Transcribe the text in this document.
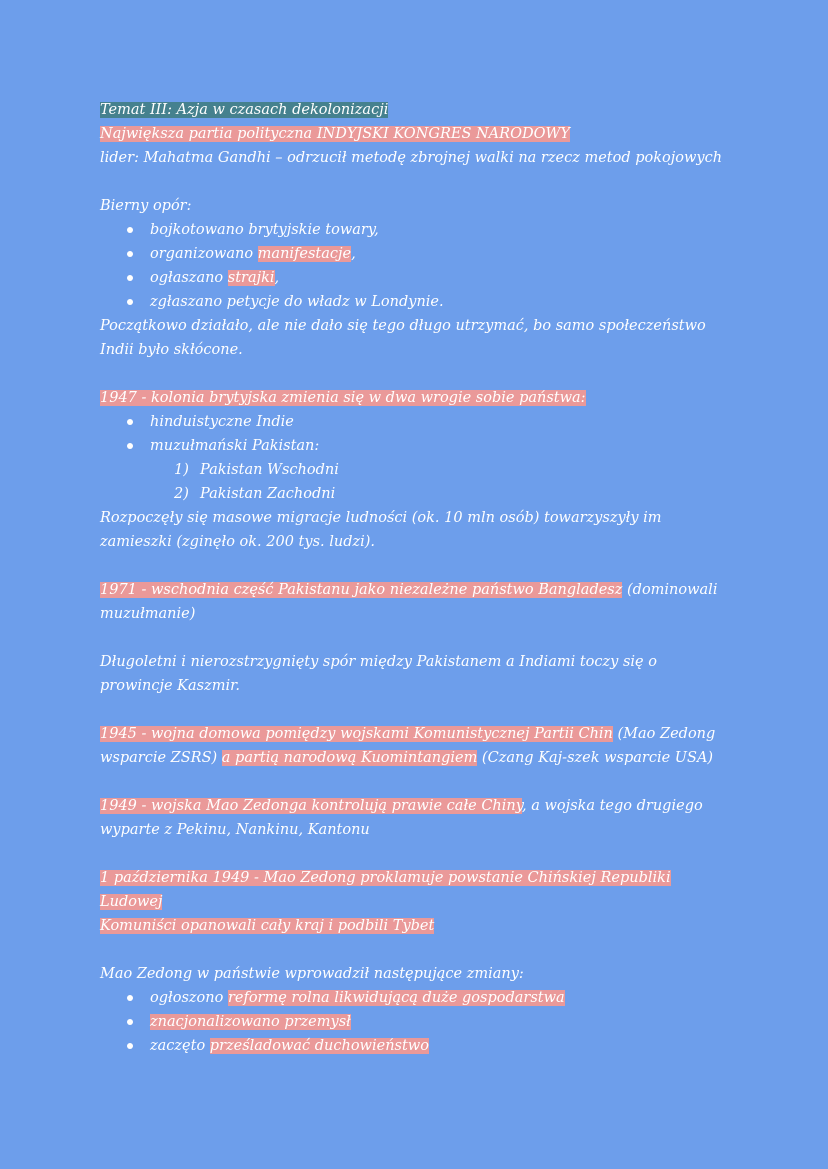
Temat III: Azja w czasach dekolonizacji

Największa partia polityczna INDYJSKI KONGRES NARODOWY

lider: Mahatma Gandhi – odrzucił metodę zbrojnej walki na rzecz metod pokojowych

Bierny opór:

bojkotowano brytyjskie towary,
organizowano manifestacje,
ogłaszano strajki,
zgłaszano petycje do władz w Londynie.

Początkowo działało, ale nie dało się tego długo utrzymać, bo samo społeczeństwo Indii było skłócone.

1947 - kolonia brytyjska zmienia się w dwa wrogie sobie państwa:

hinduistyczne Indie
muzułmański Pakistan:
1) Pakistan Wschodni
2) Pakistan Zachodni

Rozpoczęły się masowe migracje ludności (ok. 10 mln osób) towarzyszyły im zamieszki (zginęło ok. 200 tys. ludzi).

1971 - wschodnia część Pakistanu jako niezależne państwo Bangladesz (dominowali muzułmanie)

Długoletni i nierozstrzygnięty spór między Pakistanem a Indiami toczy się o prowincje Kaszmir.

1945 - wojna domowa pomiędzy wojskami Komunistycznej Partii Chin (Mao Zedong wsparcie ZSRS) a partią narodową Kuomintangiem (Czang Kaj-szek wsparcie USA)

1949 - wojska Mao Zedonga kontrolują prawie całe Chiny, a wojska tego drugiego wyparte z Pekinu, Nankinu, Kantonu

1 października 1949 - Mao Zedong proklamuje powstanie Chińskiej Republiki Ludowej

Komuniści opanowali cały kraj i podbili Tybet

Mao Zedong w państwie wprowadził następujące zmiany:

ogłoszono reformę rolna likwidującą duże gospodarstwa
znacjonalizowano przemysł
zaczęto prześladować duchowieństwo
